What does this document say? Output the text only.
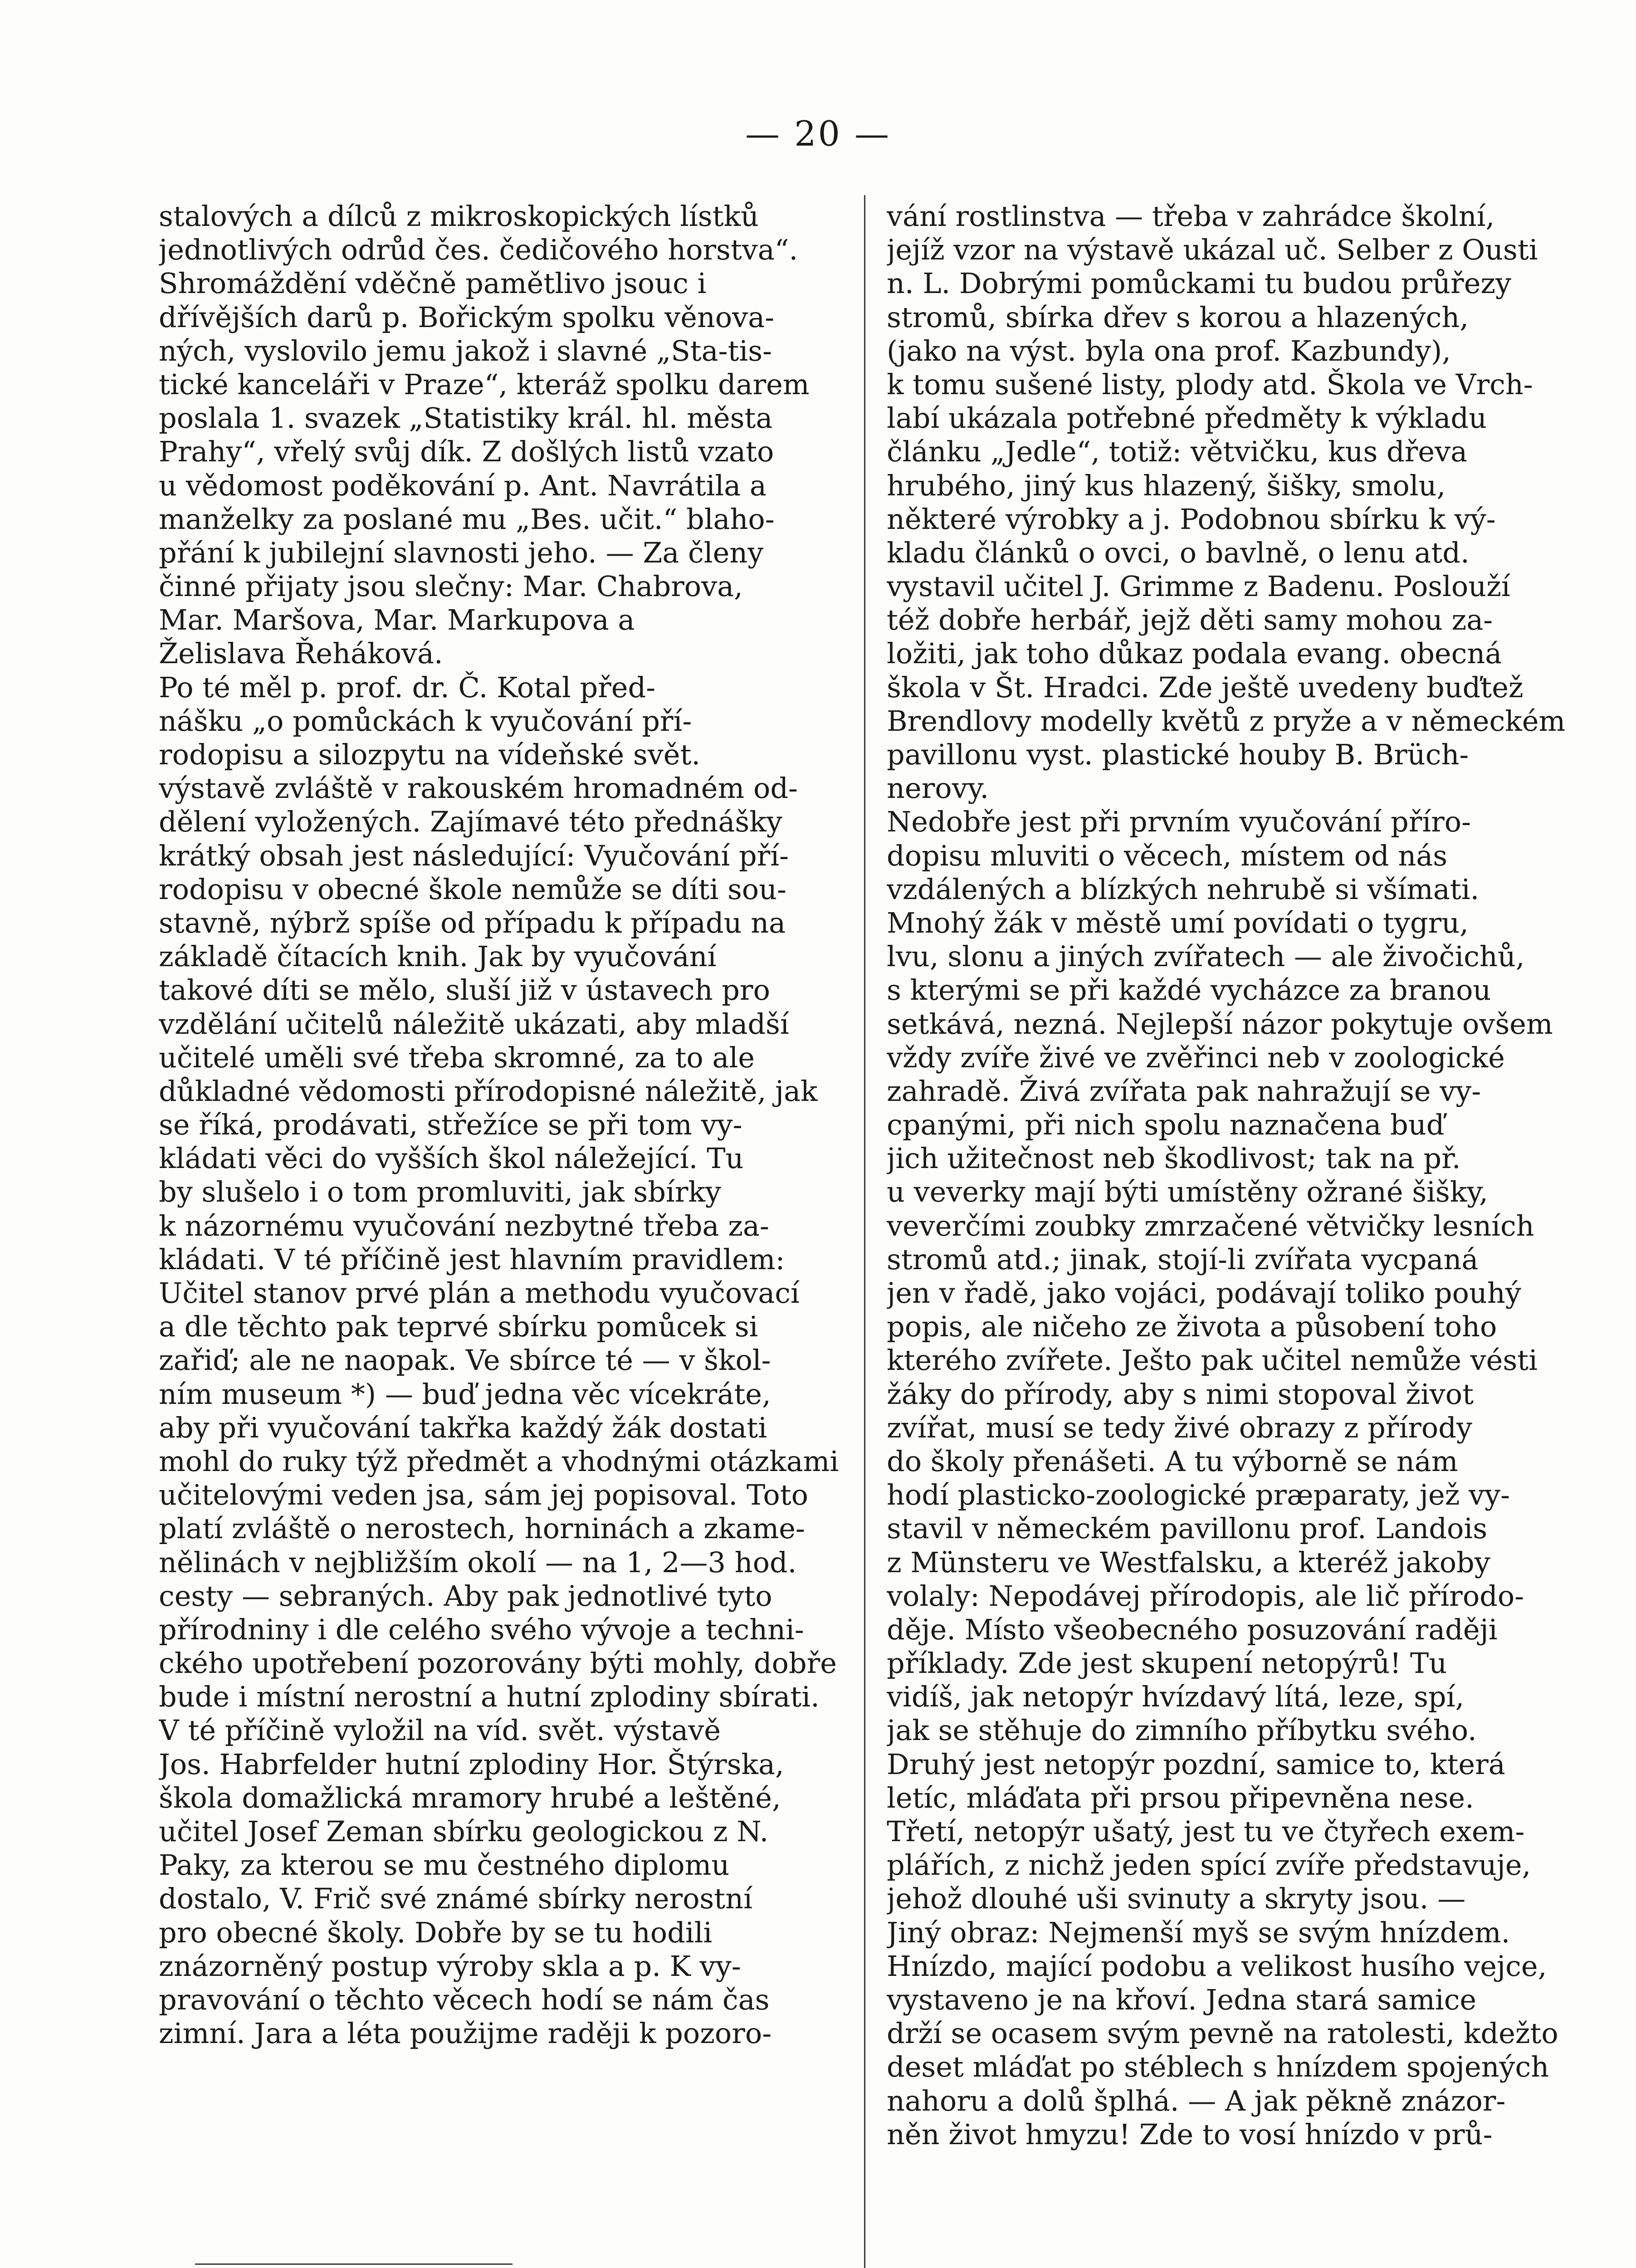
— 20 —
stalových a dílců z mikroskopických lístků
jednotlivých odrůd čes. čedičového horstva“.
Shromáždění vděčně pamětlivo jsouc i
dřívějších darů p. Bořickým spolku věnova-
ných, vyslovilo jemu jakož i slavné „Sta-tis-
tické kanceláři v Praze“, kteráž spolku darem
poslala 1. svazek „Statistiky král. hl. města
Prahy“, vřelý svůj dík. Z došlých listů vzato
u vědomost poděkování p. Ant. Navrátila a
manželky za poslané mu „Bes. učit.“ blaho-
přání k jubilejní slavnosti jeho. — Za členy
činné přijaty jsou slečny: Mar. Chabrova,
Mar. Maršova, Mar. Markupova a
Želislava Řeháková.
Po té měl p. prof. dr. Č. Kotal před-
nášku „o pomůckách k vyučování pří-
rodopisu a silozpytu na vídeňské svět.
výstavě zvláště v rakouském hromadném od-
dělení vyložených. Zajímavé této přednášky
krátký obsah jest následující: Vyučování pří-
rodopisu v obecné škole nemůže se díti sou-
stavně, nýbrž spíše od případu k případu na
základě čítacích knih. Jak by vyučování
takové díti se mělo, sluší již v ústavech pro
vzdělání učitelů náležitě ukázati, aby mladší
učitelé uměli své třeba skromné, za to ale
důkladné vědomosti přírodopisné náležitě, jak
se říká, prodávati, střežíce se při tom vy-
kládati věci do vyšších škol náležející. Tu
by slušelo i o tom promluviti, jak sbírky
k názornému vyučování nezbytné třeba za-
kládati. V té příčině jest hlavním pravidlem:
Učitel stanov prvé plán a methodu vyučovací
a dle těchto pak teprvé sbírku pomůcek si
zařiď; ale ne naopak. Ve sbírce té — v škol-
ním museum *) — buď jedna věc vícekráte,
aby při vyučování takřka každý žák dostati
mohl do ruky týž předmět a vhodnými otázkami
učitelovými veden jsa, sám jej popisoval. Toto
platí zvláště o nerostech, horninách a zkame-
nělinách v nejbližším okolí — na 1, 2—3 hod.
cesty — sebraných. Aby pak jednotlivé tyto
přírodniny i dle celého svého vývoje a techni-
ckého upotřebení pozorovány býti mohly, dobře
bude i místní nerostní a hutní zplodiny sbírati.
V té příčině vyložil na víd. svět. výstavě
Jos. Habrfelder hutní zplodiny Hor. Štýrska,
škola domažlická mramory hrubé a leštěné,
učitel Josef Zeman sbírku geologickou z N.
Paky, za kterou se mu čestného diplomu
dostalo, V. Frič své známé sbírky nerostní
pro obecné školy. Dobře by se tu hodili
znázorněný postup výroby skla a p. K vy-
pravování o těchto věcech hodí se nám čas
zimní. Jara a léta použijme raději k pozoro-
vání rostlinstva — třeba v zahrádce školní,
jejíž vzor na výstavě ukázal uč. Selber z Ousti
n. L. Dobrými pomůckami tu budou průřezy
stromů, sbírka dřev s korou a hlazených,
(jako na výst. byla ona prof. Kazbundy),
k tomu sušené listy, plody atd. Škola ve Vrch-
labí ukázala potřebné předměty k výkladu
článku „Jedle“, totiž: větvičku, kus dřeva
hrubého, jiný kus hlazený, šišky, smolu,
některé výrobky a j. Podobnou sbírku k vý-
kladu článků o ovci, o bavlně, o lenu atd.
vystavil učitel J. Grimme z Badenu. Poslouží
též dobře herbář, jejž děti samy mohou za-
ložiti, jak toho důkaz podala evang. obecná
škola v Št. Hradci. Zde ještě uvedeny buďtež
Brendlovy modelly květů z pryže a v německém
pavillonu vyst. plastické houby B. Brüch-
nerovy.
Nedobře jest při prvním vyučování příro-
dopisu mluviti o věcech, místem od nás
vzdálených a blízkých nehrubě si všímati.
Mnohý žák v městě umí povídati o tygru,
lvu, slonu a jiných zvířatech — ale živočichů,
s kterými se při každé vycházce za branou
setkává, nezná. Nejlepší názor pokytuje ovšem
vždy zvíře živé ve zvěřinci neb v zoologické
zahradě. Živá zvířata pak nahražují se vy-
cpanými, při nich spolu naznačena buď
jich užitečnost neb škodlivost; tak na př.
u veverky mají býti umístěny ožrané šišky,
veverčími zoubky zmrzačené větvičky lesních
stromů atd.; jinak, stojí-li zvířata vycpaná
jen v řadě, jako vojáci, podávají toliko pouhý
popis, ale ničeho ze života a působení toho
kterého zvířete. Ješto pak učitel nemůže vésti
žáky do přírody, aby s nimi stopoval život
zvířat, musí se tedy živé obrazy z přírody
do školy přenášeti. A tu výborně se nám
hodí plasticko-zoologické præparaty, jež vy-
stavil v německém pavillonu prof. Landois
z Münsteru ve Westfalsku, a kteréž jakoby
volaly: Nepodávej přírodopis, ale lič přírodo-
děje. Místo všeobecného posuzování raději
příklady. Zde jest skupení netopýrů! Tu
vidíš, jak netopýr hvízdavý lítá, leze, spí,
jak se stěhuje do zimního příbytku svého.
Druhý jest netopýr pozdní, samice to, která
letíc, mláďata při prsou připevněna nese.
Třetí, netopýr ušatý, jest tu ve čtyřech exem-
plářích, z nichž jeden spící zvíře představuje,
jehož dlouhé uši svinuty a skryty jsou. —
Jiný obraz: Nejmenší myš se svým hnízdem.
Hnízdo, mající podobu a velikost husího vejce,
vystaveno je na křoví. Jedna stará samice
drží se ocasem svým pevně na ratolesti, kdežto
deset mláďat po stéblech s hnízdem spojených
nahoru a dolů šplhá. — A jak pěkně znázor-
něn život hmyzu! Zde to vosí hnízdo v prů-
